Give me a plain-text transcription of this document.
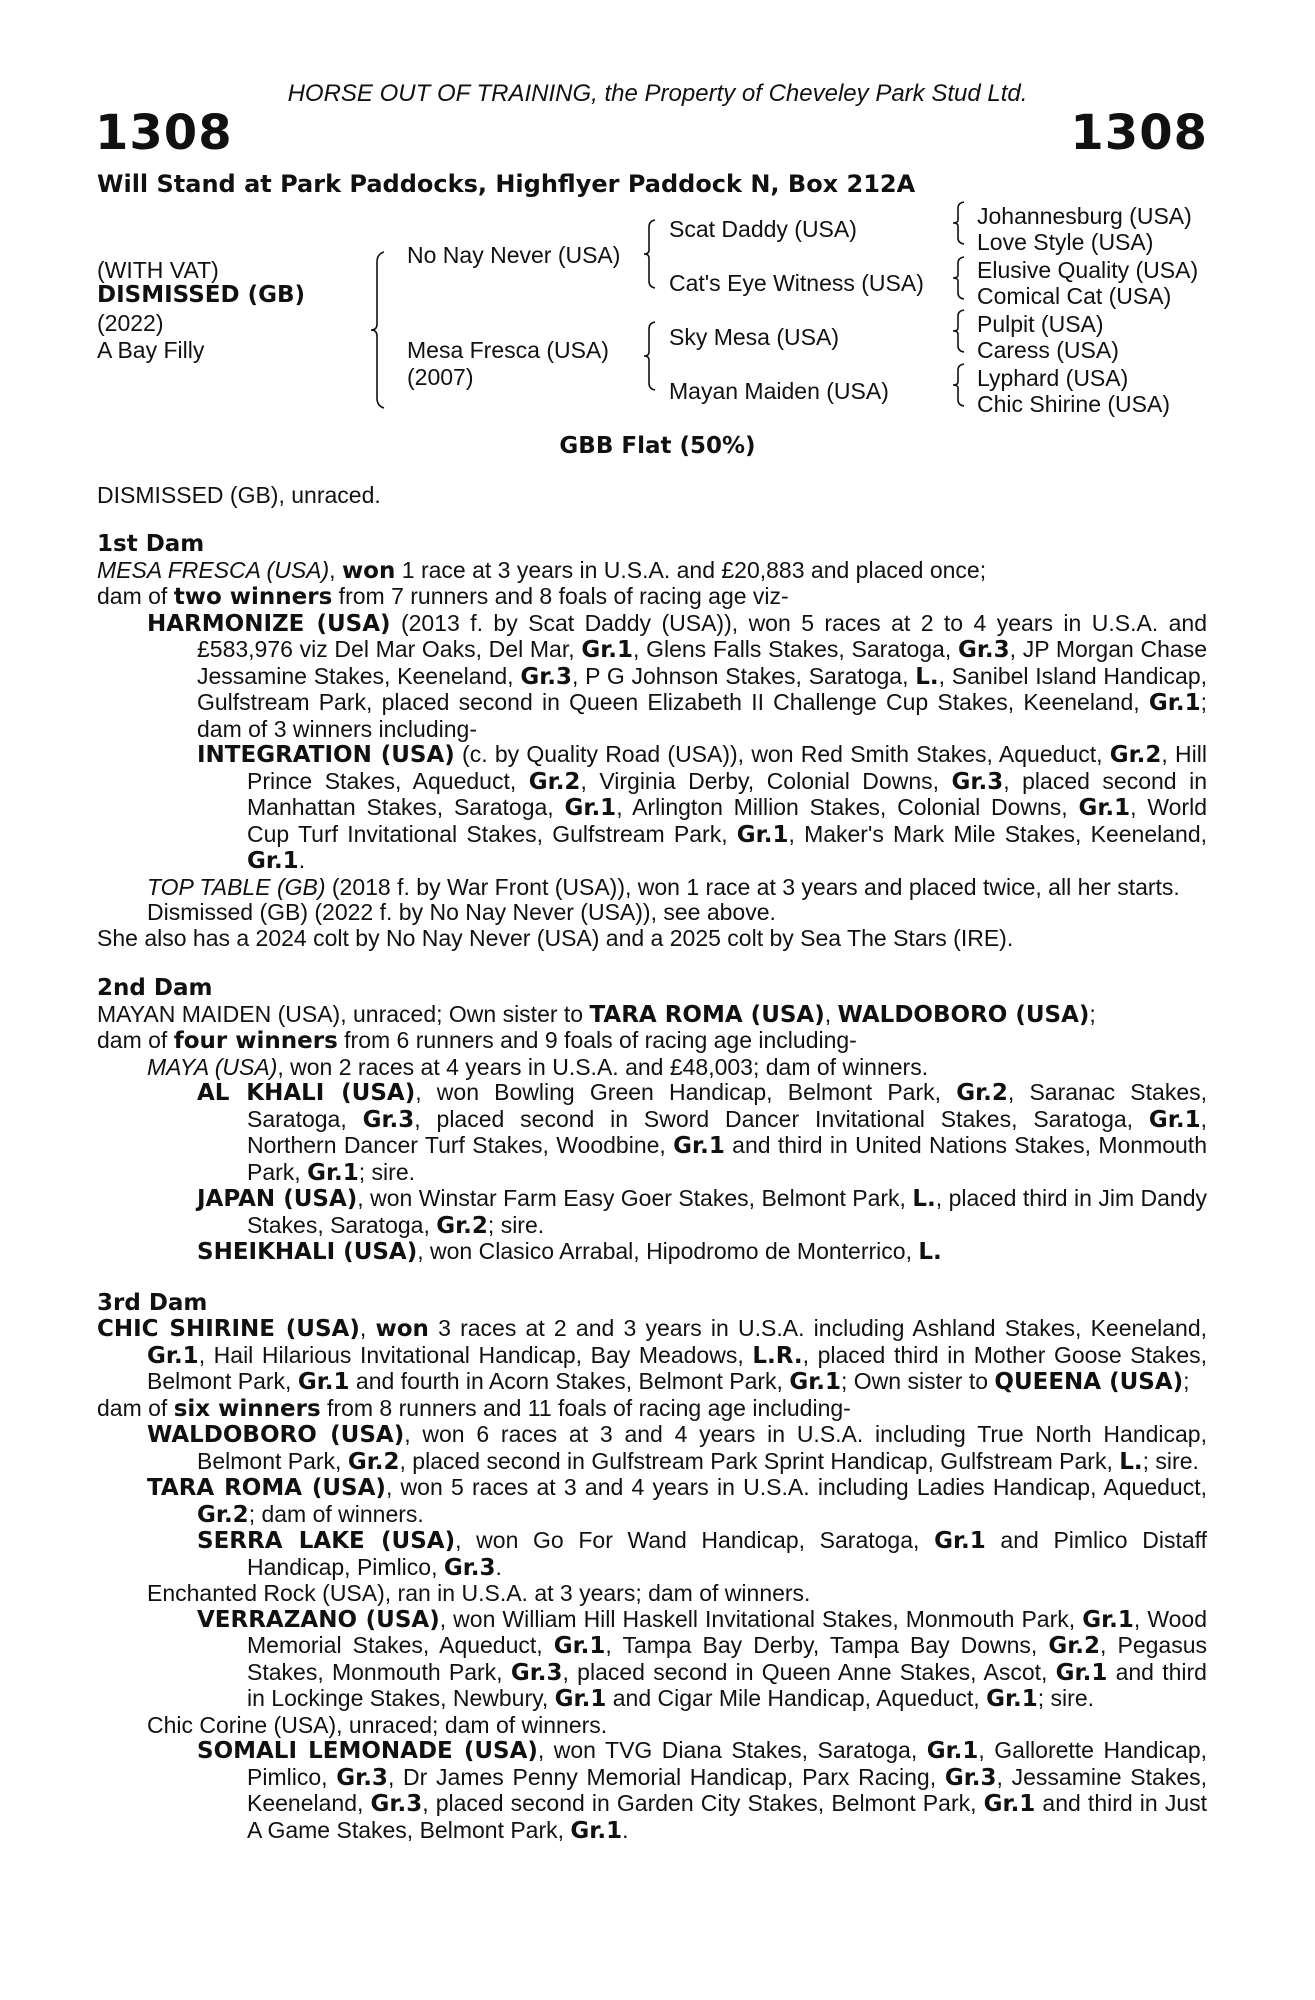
HORSE OUT OF TRAINING, the Property of Cheveley Park Stud Ltd.
1308	1308
Will Stand at Park Paddocks, Highflyer Paddock N, Box 212A
(WITH VAT)
DISMISSED (GB)
(2022)
A Bay Filly
No Nay Never (USA)
Mesa Fresca (USA)
(2007)
Scat Daddy (USA)
Cat's Eye Witness (USA)
Sky Mesa (USA)
Mayan Maiden (USA)
Johannesburg (USA)
Love Style (USA)
Elusive Quality (USA)
Comical Cat (USA)
Pulpit (USA)
Caress (USA)
Lyphard (USA)
Chic Shirine (USA)
GBB Flat (50%)
DISMISSED (GB), unraced.

1st Dam

MESA FRESCA (USA), won 1 race at 3 years in U.S.A. and £20,883 and placed once;

dam of two winners from 7 runners and 8 foals of racing age viz-

HARMONIZE (USA) (2013 f. by Scat Daddy (USA)), won 5 races at 2 to 4 years in U.S.A. and £583,976 viz Del Mar Oaks, Del Mar, Gr.1, Glens Falls Stakes, Saratoga, Gr.3, JP Morgan Chase Jessamine Stakes, Keeneland, Gr.3, P G Johnson Stakes, Saratoga, L., Sanibel Island Handicap, Gulfstream Park, placed second in Queen Elizabeth II Challenge Cup Stakes, Keeneland, Gr.1; dam of 3 winners including-

INTEGRATION (USA) (c. by Quality Road (USA)), won Red Smith Stakes, Aqueduct, Gr.2, Hill Prince Stakes, Aqueduct, Gr.2, Virginia Derby, Colonial Downs, Gr.3, placed second in Manhattan Stakes, Saratoga, Gr.1, Arlington Million Stakes, Colonial Downs, Gr.1, World Cup Turf Invitational Stakes, Gulfstream Park, Gr.1, Maker's Mark Mile Stakes, Keeneland, Gr.1.

TOP TABLE (GB) (2018 f. by War Front (USA)), won 1 race at 3 years and placed twice, all her starts.

Dismissed (GB) (2022 f. by No Nay Never (USA)), see above.

She also has a 2024 colt by No Nay Never (USA) and a 2025 colt by Sea The Stars (IRE).

2nd Dam

MAYAN MAIDEN (USA), unraced; Own sister to TARA ROMA (USA), WALDOBORO (USA);

dam of four winners from 6 runners and 9 foals of racing age including-

MAYA (USA), won 2 races at 4 years in U.S.A. and £48,003; dam of winners.

AL KHALI (USA), won Bowling Green Handicap, Belmont Park, Gr.2, Saranac Stakes, Saratoga, Gr.3, placed second in Sword Dancer Invitational Stakes, Saratoga, Gr.1, Northern Dancer Turf Stakes, Woodbine, Gr.1 and third in United Nations Stakes, Monmouth Park, Gr.1; sire.

JAPAN (USA), won Winstar Farm Easy Goer Stakes, Belmont Park, L., placed third in Jim Dandy Stakes, Saratoga, Gr.2; sire.

SHEIKHALI (USA), won Clasico Arrabal, Hipodromo de Monterrico, L.

3rd Dam

CHIC SHIRINE (USA), won 3 races at 2 and 3 years in U.S.A. including Ashland Stakes, Keeneland, Gr.1, Hail Hilarious Invitational Handicap, Bay Meadows, L.R., placed third in Mother Goose Stakes, Belmont Park, Gr.1 and fourth in Acorn Stakes, Belmont Park, Gr.1; Own sister to QUEENA (USA);

dam of six winners from 8 runners and 11 foals of racing age including-

WALDOBORO (USA), won 6 races at 3 and 4 years in U.S.A. including True North Handicap, Belmont Park, Gr.2, placed second in Gulfstream Park Sprint Handicap, Gulfstream Park, L.; sire.

TARA ROMA (USA), won 5 races at 3 and 4 years in U.S.A. including Ladies Handicap, Aqueduct, Gr.2; dam of winners.

SERRA LAKE (USA), won Go For Wand Handicap, Saratoga, Gr.1 and Pimlico Distaff Handicap, Pimlico, Gr.3.

Enchanted Rock (USA), ran in U.S.A. at 3 years; dam of winners.

VERRAZANO (USA), won William Hill Haskell Invitational Stakes, Monmouth Park, Gr.1, Wood Memorial Stakes, Aqueduct, Gr.1, Tampa Bay Derby, Tampa Bay Downs, Gr.2, Pegasus Stakes, Monmouth Park, Gr.3, placed second in Queen Anne Stakes, Ascot, Gr.1 and third in Lockinge Stakes, Newbury, Gr.1 and Cigar Mile Handicap, Aqueduct, Gr.1; sire.

Chic Corine (USA), unraced; dam of winners.

SOMALI LEMONADE (USA), won TVG Diana Stakes, Saratoga, Gr.1, Gallorette Handicap, Pimlico, Gr.3, Dr James Penny Memorial Handicap, Parx Racing, Gr.3, Jessamine Stakes, Keeneland, Gr.3, placed second in Garden City Stakes, Belmont Park, Gr.1 and third in Just A Game Stakes, Belmont Park, Gr.1.
